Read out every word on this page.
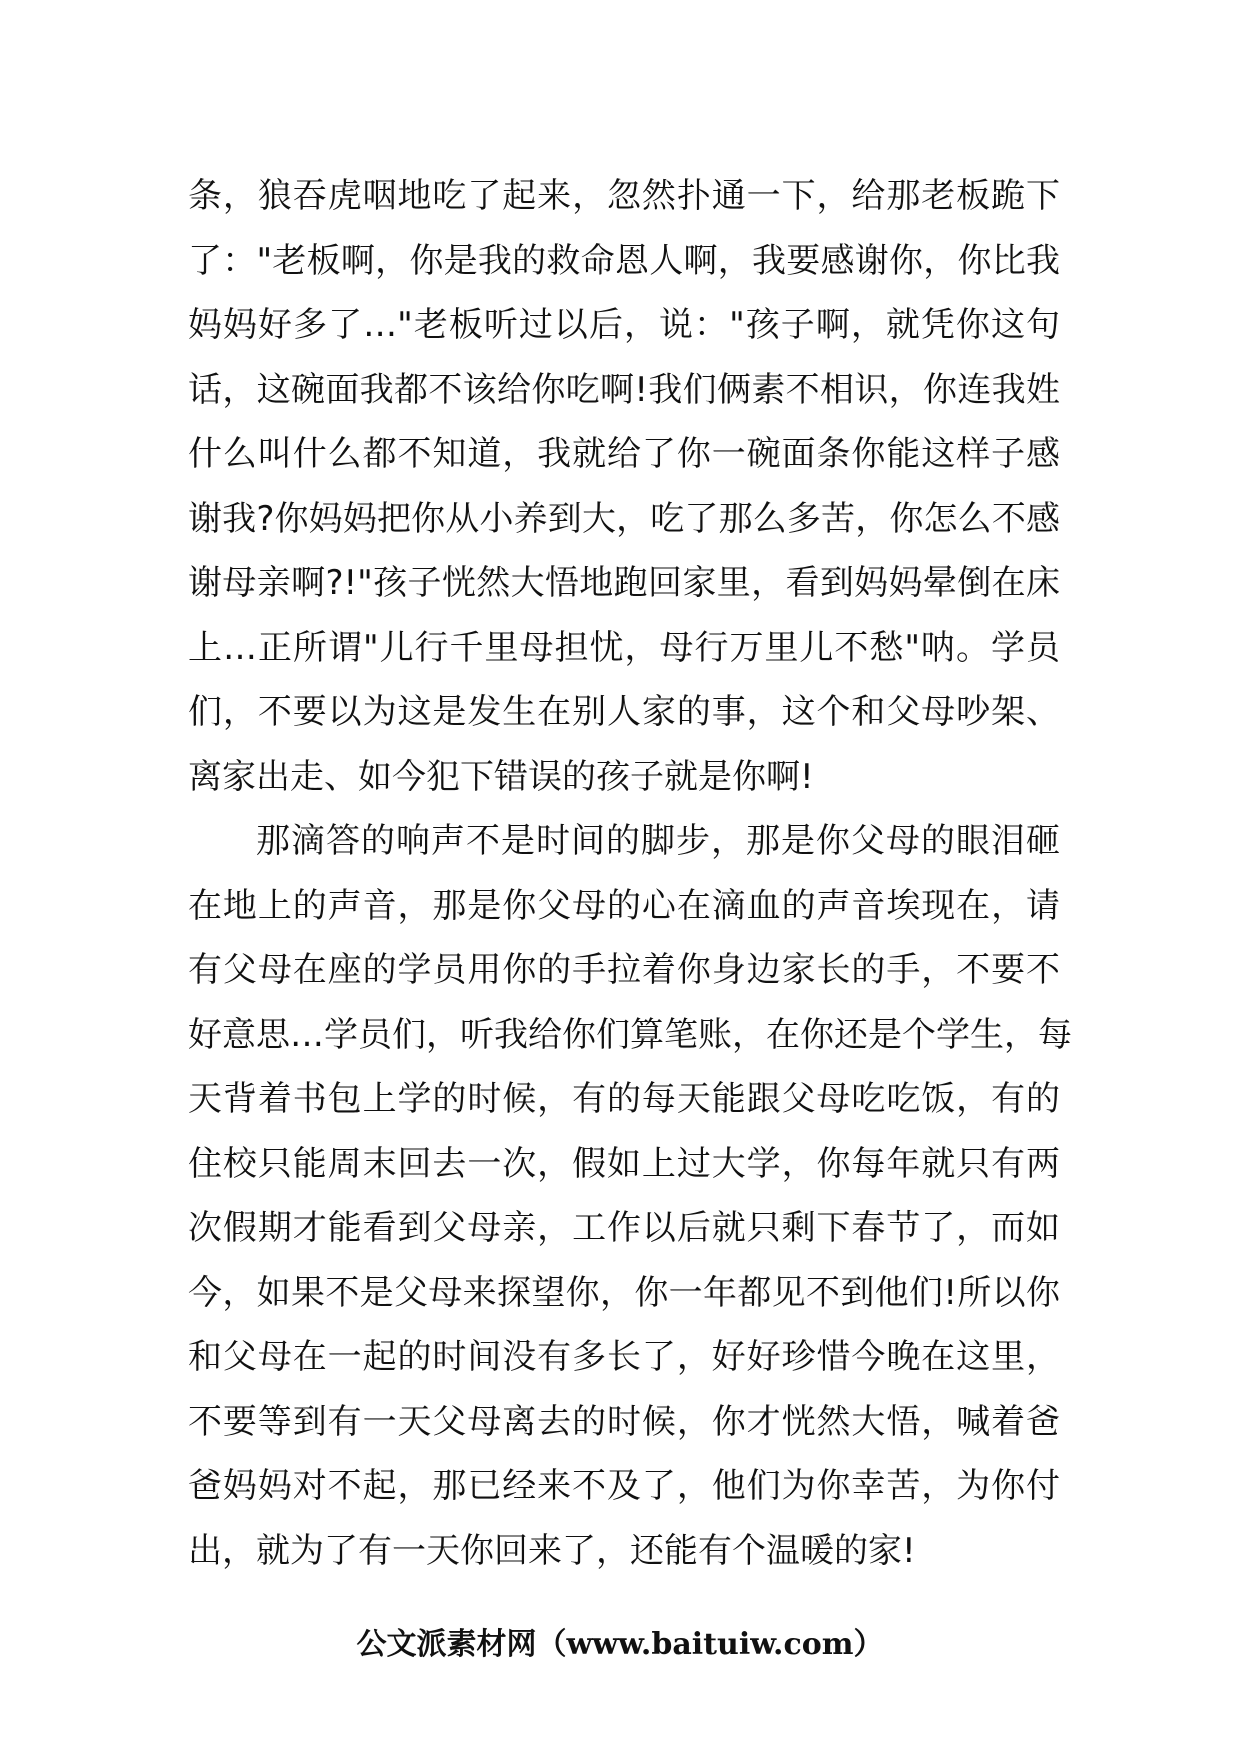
条，狼吞虎咽地吃了起来，忽然扑通一下，给那老板跪下
了："老板啊，你是我的救命恩人啊，我要感谢你，你比我
妈妈好多了…"老板听过以后，说："孩子啊，就凭你这句
话，这碗面我都不该给你吃啊!我们俩素不相识，你连我姓
什么叫什么都不知道，我就给了你一碗面条你能这样子感
谢我?你妈妈把你从小养到大，吃了那么多苦，你怎么不感
谢母亲啊?!"孩子恍然大悟地跑回家里，看到妈妈晕倒在床
上…正所谓"儿行千里母担忧，母行万里儿不愁"呐。学员
们，不要以为这是发生在别人家的事，这个和父母吵架、
离家出走、如今犯下错误的孩子就是你啊!
那滴答的响声不是时间的脚步，那是你父母的眼泪砸
在地上的声音，那是你父母的心在滴血的声音埃现在，请
有父母在座的学员用你的手拉着你身边家长的手，不要不
好意思…学员们，听我给你们算笔账，在你还是个学生，每
天背着书包上学的时候，有的每天能跟父母吃吃饭，有的
住校只能周末回去一次，假如上过大学，你每年就只有两
次假期才能看到父母亲，工作以后就只剩下春节了，而如
今，如果不是父母来探望你，你一年都见不到他们!所以你
和父母在一起的时间没有多长了，好好珍惜今晚在这里，
不要等到有一天父母离去的时候，你才恍然大悟，喊着爸
爸妈妈对不起，那已经来不及了，他们为你幸苦，为你付
出，就为了有一天你回来了，还能有个温暖的家!
公文派素材网（www.baituiw.com）
